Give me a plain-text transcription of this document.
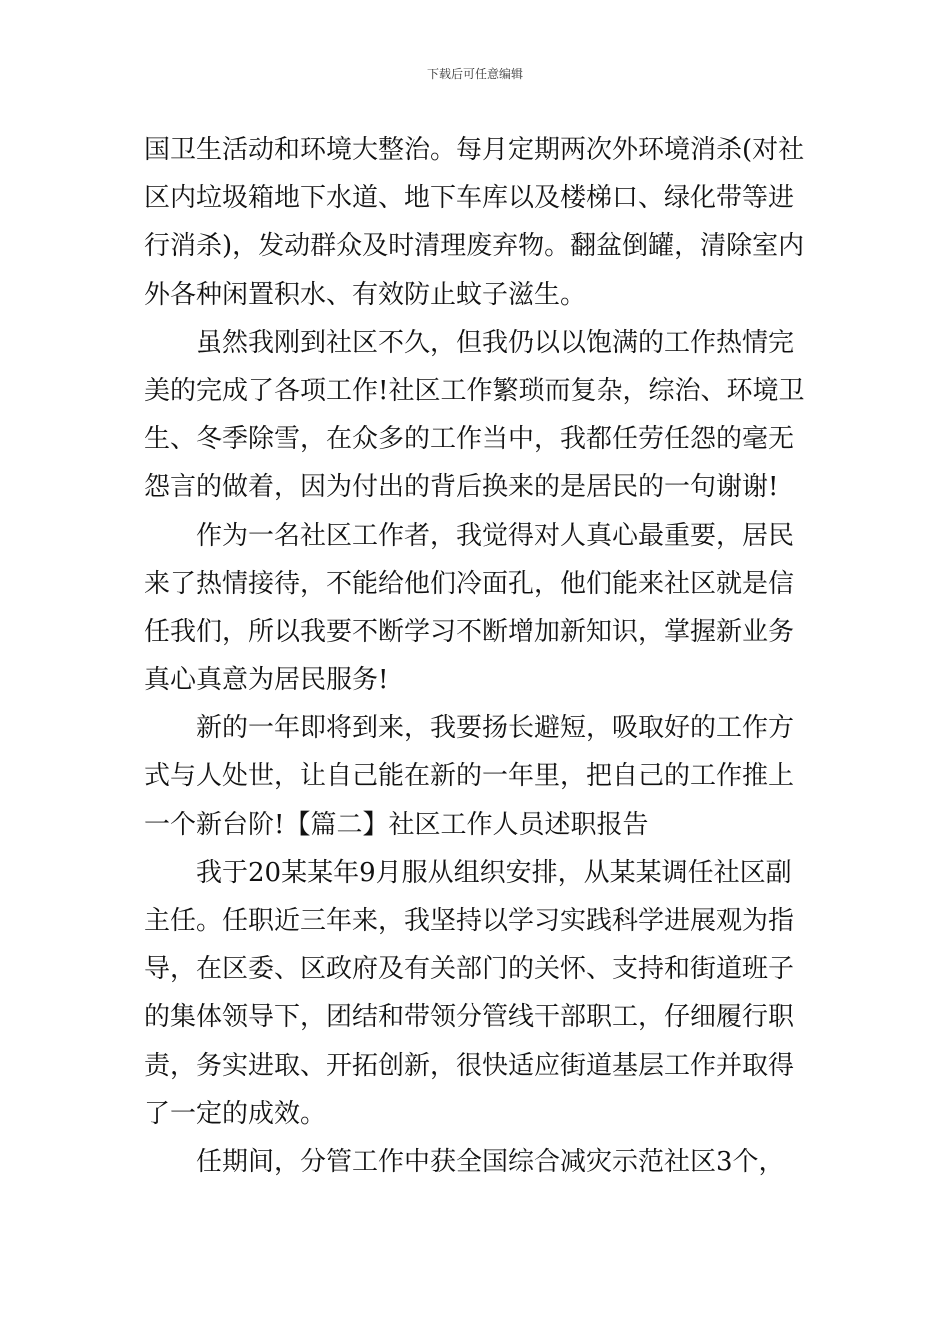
下载后可任意编辑
国卫生活动和环境大整治。每月定期两次外环境消杀(对社
区内垃圾箱地下水道、地下车库以及楼梯口、绿化带等进
行消杀)，发动群众及时清理废弃物。翻盆倒罐，清除室内
外各种闲置积水、有效防止蚊子滋生。
虽然我刚到社区不久，但我仍以以饱满的工作热情完
美的完成了各项工作!社区工作繁琐而复杂，综治、环境卫
生、冬季除雪，在众多的工作当中，我都任劳任怨的毫无
怨言的做着，因为付出的背后换来的是居民的一句谢谢!
作为一名社区工作者，我觉得对人真心最重要，居民
来了热情接待，不能给他们冷面孔，他们能来社区就是信
任我们，所以我要不断学习不断增加新知识，掌握新业务
真心真意为居民服务!
新的一年即将到来，我要扬长避短，吸取好的工作方
式与人处世，让自己能在新的一年里，把自己的工作推上
一个新台阶!【篇二】社区工作人员述职报告
我于20某某年9月服从组织安排，从某某调任社区副
主任。任职近三年来，我坚持以学习实践科学进展观为指
导，在区委、区政府及有关部门的关怀、支持和街道班子
的集体领导下，团结和带领分管线干部职工，仔细履行职
责，务实进取、开拓创新，很快适应街道基层工作并取得
了一定的成效。
任期间，分管工作中获全国综合减灾示范社区3个，
